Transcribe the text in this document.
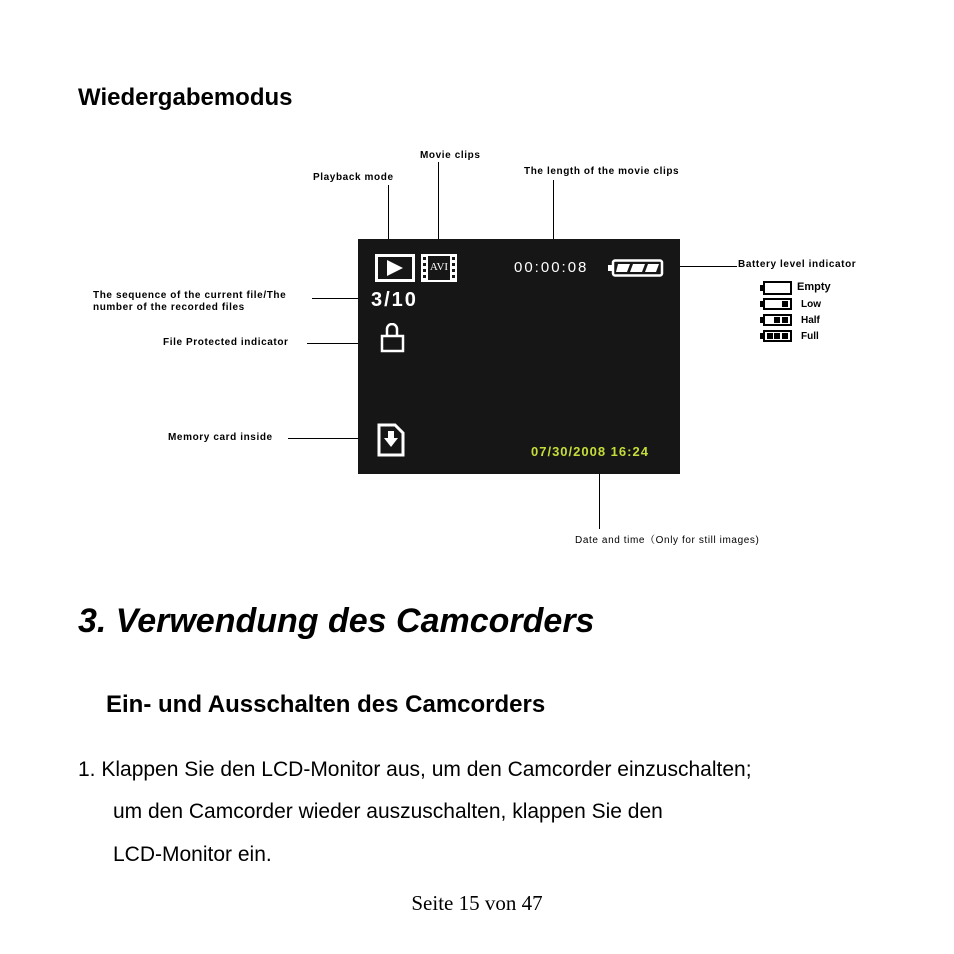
Wiedergabemodus
Movie clips
Playback mode
The length of the movie clips
Battery level indicator
The sequence of the current file/The
number of the recorded files
File Protected indicator
Memory card inside
Date and time（Only for still images)
AVI	00:00:08
3/10
07/30/2008 16:24
Empty
Low
Half
Full
3. Verwendung des Camcorders
Ein- und Ausschalten des Camcorders
1. Klappen Sie den LCD-Monitor aus, um den Camcorder einzuschalten;
um den Camcorder wieder auszuschalten, klappen Sie den
LCD-Monitor ein.
Seite 15 von 47
